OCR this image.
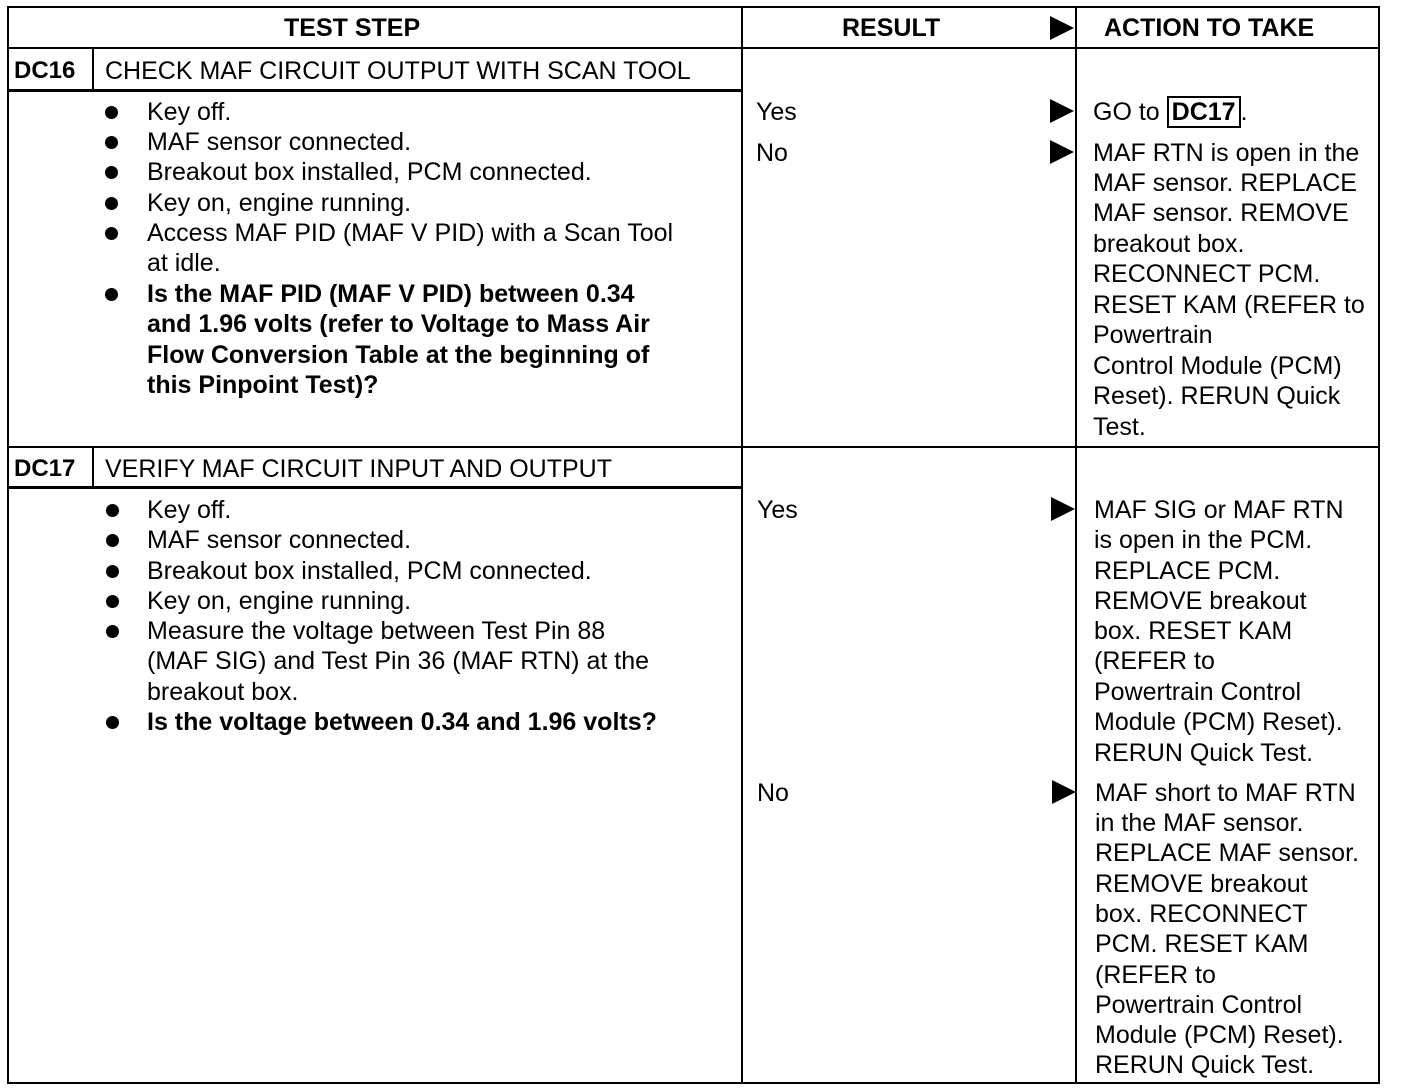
TEST STEP	RESULT	ACTION TO TAKE
DC16 CHECK MAF CIRCUIT OUTPUT WITH SCAN TOOL
Key off.
MAF sensor connected.
Breakout box installed, PCM connected.
Key on, engine running.
Access MAF PID (MAF V PID) with a Scan Tool
at idle.
Is the MAF PID (MAF V PID) between 0.34
and 1.96 volts (refer to Voltage to Mass Air
Flow Conversion Table at the beginning of
this Pinpoint Test)?
Yes	GO to DC17 .
No	MAF RTN is open in the
MAF sensor. REPLACE
MAF sensor. REMOVE
breakout box.
RECONNECT PCM.
RESET KAM (REFER to
Powertrain
Control Module (PCM)
Reset). RERUN Quick
Test.
DC17 VERIFY MAF CIRCUIT INPUT AND OUTPUT
Key off.
MAF sensor connected.
Breakout box installed, PCM connected.
Key on, engine running.
Measure the voltage between Test Pin 88
(MAF SIG) and Test Pin 36 (MAF RTN) at the
breakout box.
Is the voltage between 0.34 and 1.96 volts?
Yes	MAF SIG or MAF RTN
is open in the PCM.
REPLACE PCM.
REMOVE breakout
box. RESET KAM
(REFER to
Powertrain Control
Module (PCM) Reset).
RERUN Quick Test.
No	MAF short to MAF RTN
in the MAF sensor.
REPLACE MAF sensor.
REMOVE breakout
box. RECONNECT
PCM. RESET KAM
(REFER to
Powertrain Control
Module (PCM) Reset).
RERUN Quick Test.
